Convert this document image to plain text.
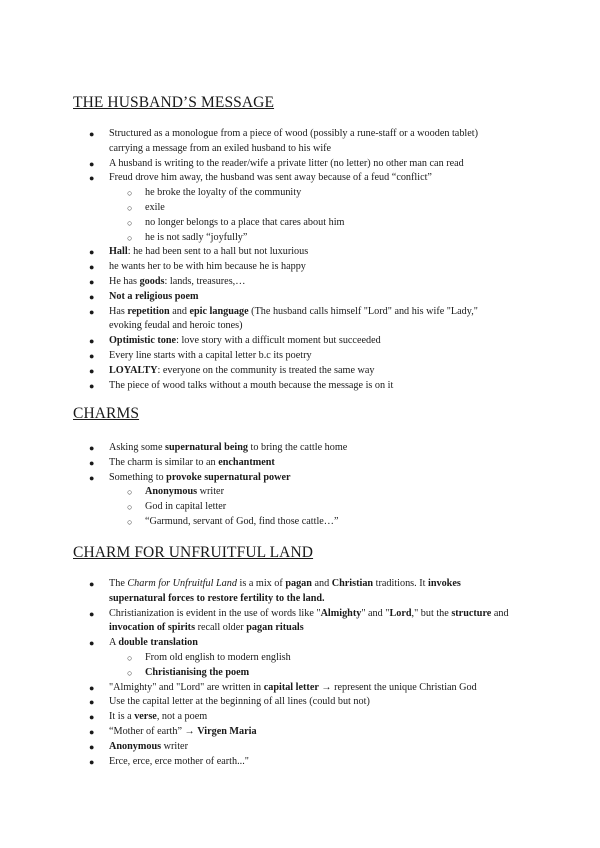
THE HUSBAND’S MESSAGE
● Structured as a monologue from a piece of wood (possibly a rune-staff or a wooden tablet) carrying a message from an exiled husband to his wife
● A husband is writing to the reader/wife a private litter (no letter) no other man can read
● Freud drove him away, the husband was sent away because of a feud “conflict”
○ he broke the loyalty of the community
○ exile
○ no longer belongs to a place that cares about him
○ he is not sadly “joyfully”
● Hall: he had been sent to a hall but not luxurious
● he wants her to be with him because he is happy
● He has goods: lands, treasures,…
● Not a religious poem
● Has repetition and epic language (The husband calls himself "Lord" and his wife "Lady," evoking feudal and heroic tones)
● Optimistic tone: love story with a difficult moment but succeeded
● Every line starts with a capital letter b.c its poetry
● LOYALTY: everyone on the community is treated the same way
● The piece of wood talks without a mouth because the message is on it
CHARMS
● Asking some supernatural being to bring the cattle home
● The charm is similar to an enchantment
● Something to provoke supernatural power
○ Anonymous writer
○ God in capital letter
○ “Garmund, servant of God, find those cattle…”
CHARM FOR UNFRUITFUL LAND
● The Charm for Unfruitful Land is a mix of pagan and Christian traditions. It invokes supernatural forces to restore fertility to the land.
● Christianization is evident in the use of words like "Almighty" and "Lord," but the structure and invocation of spirits recall older pagan rituals
● A double translation
○ From old english to modern english
○ Christianising the poem
● "Almighty" and "Lord" are written in capital letter → represent the unique Christian God
● Use the capital letter at the beginning of all lines (could but not)
● It is a verse, not a poem
● “Mother of earth” → Virgen Maria
● Anonymous writer
● Erce, erce, erce mother of earth..."
